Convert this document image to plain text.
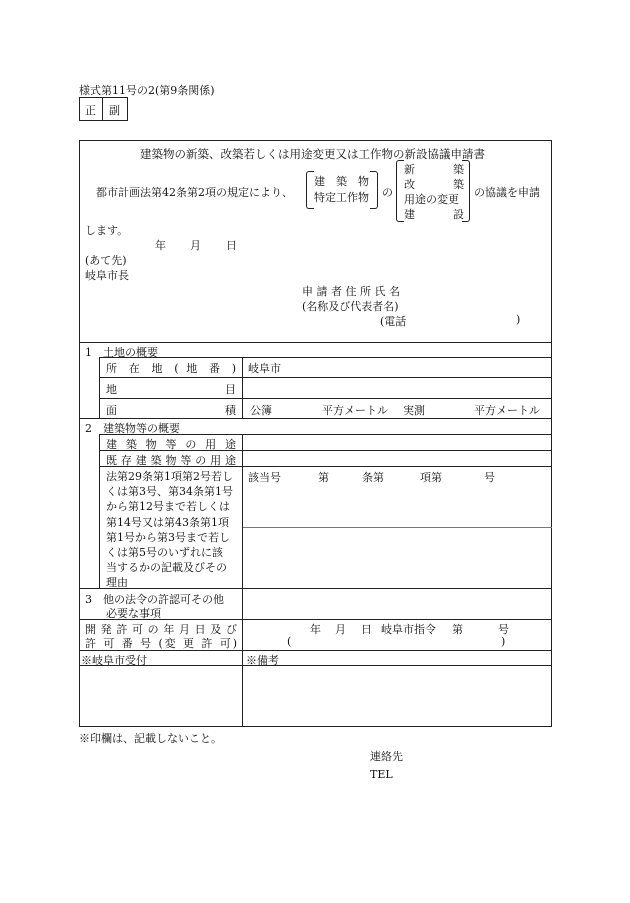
様式第11号の2(第9条関係)
正 副
建築物の新築、改築若しくは用途変更又は工作物の新設協議申請書
都市計画法第42条第2項の規定により、
建　築　物
特定工作物	の
新	築
改	築
用途の変更
建	設
の協議を申請
します。
年 月 日
(あて先)
岐阜市長
申 請 者 住 所 氏 名
(名称及び代表者名)
(電話	)
1　土地の概要
所 在 地 ( 地 番 ) 岐阜市
地	目
面	積 公簿	平方メートル 実測	平方メートル
2　建築物等の概要
建 築 物 等 の 用 途
既 存 建 築 物 等 の 用 途
法第29条第1項第2号若し
くは第3号、第34条第1号
から第12号まで若しくは
第14号又は第43条第1項
第1号から第3号まで若し
くは第5号のいずれに該
当するかの記載及びその
理由
該当号	第	条第	項第	号
3　他の法令の許認可その他
必要な事項
開 発 許 可 の 年 月 日 及 び
許 可 番 号 (変 更 許 可)
年 月 日 岐阜市指令 第	号
(	)
※岐阜市受付	※備考
※印欄は、記載しないこと。
連絡先
TEL
